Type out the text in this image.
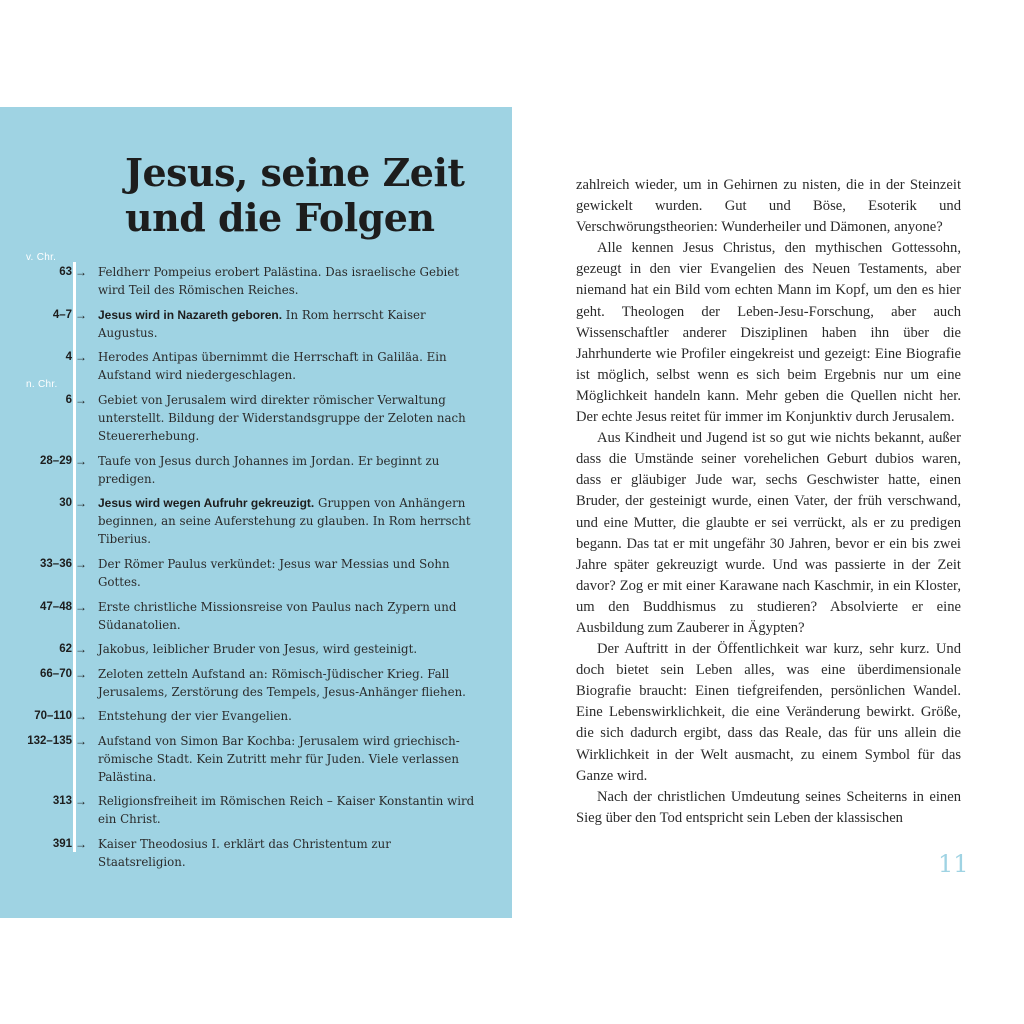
Jesus, seine Zeit
und die Folgen
v. Chr.
n. Chr.
63 → Feldherr Pompeius erobert Palästina. Das israelische Gebiet wird Teil des Römischen Reiches.
4–7 → Jesus wird in Nazareth geboren. In Rom herrscht Kaiser Augustus.
4 → Herodes Antipas übernimmt die Herrschaft in Galiläa. Ein Aufstand wird niedergeschlagen.
6 → Gebiet von Jerusalem wird direkter römischer Verwaltung unterstellt. Bildung der Widerstandsgruppe der Zeloten nach Steuererhebung.
28–29 → Taufe von Jesus durch Johannes im Jordan. Er beginnt zu predigen.
30 → Jesus wird wegen Aufruhr gekreuzigt. Gruppen von Anhängern beginnen, an seine Auferstehung zu glauben. In Rom herrscht Tiberius.
33–36 → Der Römer Paulus verkündet: Jesus war Messias und Sohn Gottes.
47–48 → Erste christliche Missionsreise von Paulus nach Zypern und Südanatolien.
62 → Jakobus, leiblicher Bruder von Jesus, wird gesteinigt.
66–70 → Zeloten zetteln Aufstand an: Römisch-Jüdischer Krieg. Fall Jerusalems, Zerstörung des Tempels, Jesus-Anhänger fliehen.
70–110 → Entstehung der vier Evangelien.
132–135 → Aufstand von Simon Bar Kochba: Jerusalem wird griechisch-römische Stadt. Kein Zutritt mehr für Juden. Viele verlassen Palästina.
313 → Religionsfreiheit im Römischen Reich – Kaiser Konstantin wird ein Christ.
391 → Kaiser Theodosius I. erklärt das Christentum zur Staatsreligion.

zahlreich wieder, um in Gehirnen zu nisten, die in der Steinzeit gewickelt wurden. Gut und Böse, Esoterik und Verschwörungstheorien: Wunderheiler und Dämonen, anyone?

Alle kennen Jesus Christus, den mythischen Gottessohn, gezeugt in den vier Evangelien des Neuen Testaments, aber niemand hat ein Bild vom echten Mann im Kopf, um den es hier geht. Theologen der Leben-Jesu-Forschung, aber auch Wissenschaftler anderer Disziplinen haben ihn über die Jahrhunderte wie Profiler eingekreist und gezeigt: Eine Biografie ist möglich, selbst wenn es sich beim Ergebnis nur um eine Möglichkeit handeln kann. Mehr geben die Quellen nicht her. Der echte Jesus reitet für immer im Konjunktiv durch Jerusalem.

Aus Kindheit und Jugend ist so gut wie nichts bekannt, außer dass die Umstände seiner vorehelichen Geburt dubios waren, dass er gläubiger Jude war, sechs Geschwister hatte, einen Bruder, der gesteinigt wurde, einen Vater, der früh verschwand, und eine Mutter, die glaubte er sei verrückt, als er zu predigen begann. Das tat er mit ungefähr 30 Jahren, bevor er ein bis zwei Jahre später gekreuzigt wurde. Und was passierte in der Zeit davor? Zog er mit einer Karawane nach Kaschmir, in ein Kloster, um den Buddhismus zu studieren? Absolvierte er eine Ausbildung zum Zauberer in Ägypten?

Der Auftritt in der Öffentlichkeit war kurz, sehr kurz. Und doch bietet sein Leben alles, was eine überdimensionale Biografie braucht: Einen tiefgreifenden, persönlichen Wandel. Eine Lebenswirklichkeit, die eine Veränderung bewirkt. Größe, die sich dadurch ergibt, dass das Reale, das für uns allein die Wirklichkeit in der Welt ausmacht, zu einem Symbol für das Ganze wird.

Nach der christlichen Umdeutung seines Scheiterns in einen Sieg über den Tod entspricht sein Leben der klassischen

11
